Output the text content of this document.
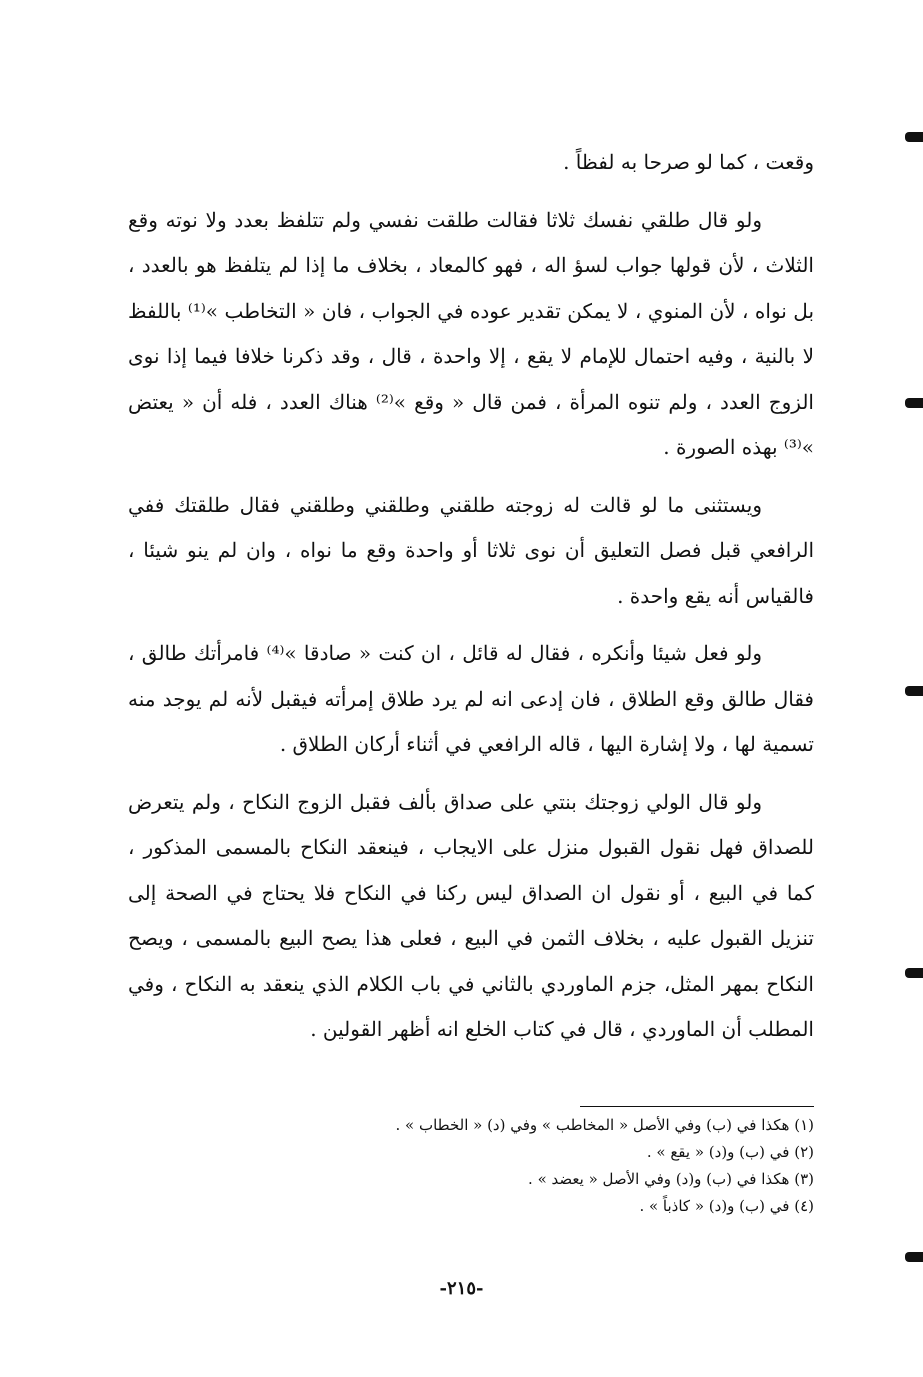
وقعت ، كما لو صرحا به لفظاً .

ولو قال طلقي نفسك ثلاثا فقالت طلقت نفسي ولم تتلفظ بعدد ولا نوته وقع الثلاث ، لأن قولها جواب لسؤ اله ، فهو كالمعاد ، بخلاف ما إذا لم يتلفظ هو بالعدد ، بل نواه ، لأن المنوي ، لا يمكن تقدير عوده في الجواب ، فان « التخاطب »⁽¹⁾ باللفظ لا بالنية ، وفيه احتمال للإمام لا يقع ، إلا واحدة ، قال ، وقد ذكرنا خلافا فيما إذا نوى الزوج العدد ، ولم تنوه المرأة ، فمن قال « وقع »⁽²⁾ هناك العدد ، فله أن « يعتض »⁽³⁾ بهذه الصورة .

ويستثنى ما لو قالت له زوجته طلقني وطلقني وطلقني فقال طلقتك ففي الرافعي قبل فصل التعليق أن نوى ثلاثا أو واحدة وقع ما نواه ، وان لم ينو شيئا ، فالقياس أنه يقع واحدة .

ولو فعل شيئا وأنكره ، فقال له قائل ، ان كنت « صادقا »⁽⁴⁾ فامرأتك طالق ، فقال طالق وقع الطلاق ، فان إدعى انه لم يرد طلاق إمرأته فيقبل لأنه لم يوجد منه تسمية لها ، ولا إشارة اليها ، قاله الرافعي في أثناء أركان الطلاق .

ولو قال الولي زوجتك بنتي على صداق بألف فقبل الزوج النكاح ، ولم يتعرض للصداق فهل نقول القبول منزل على الايجاب ، فينعقد النكاح بالمسمى المذكور ، كما في البيع ، أو نقول ان الصداق ليس ركنا في النكاح فلا يحتاج في الصحة إلى تنزيل القبول عليه ، بخلاف الثمن في البيع ، فعلى هذا يصح البيع بالمسمى ، ويصح النكاح بمهر المثل، جزم الماوردي بالثاني في باب الكلام الذي ينعقد به النكاح ، وفي المطلب أن الماوردي ، قال في كتاب الخلع انه أظهر القولين .

(١) هكذا في (ب) وفي الأصل « المخاطب » وفي (د) « الخطاب » .

(٢) في (ب) و(د) « يقع » .

(٣) هكذا في (ب) و(د) وفي الأصل « يعضد » .

(٤) في (ب) و(د) « كاذباً » .

-٢١٥-
